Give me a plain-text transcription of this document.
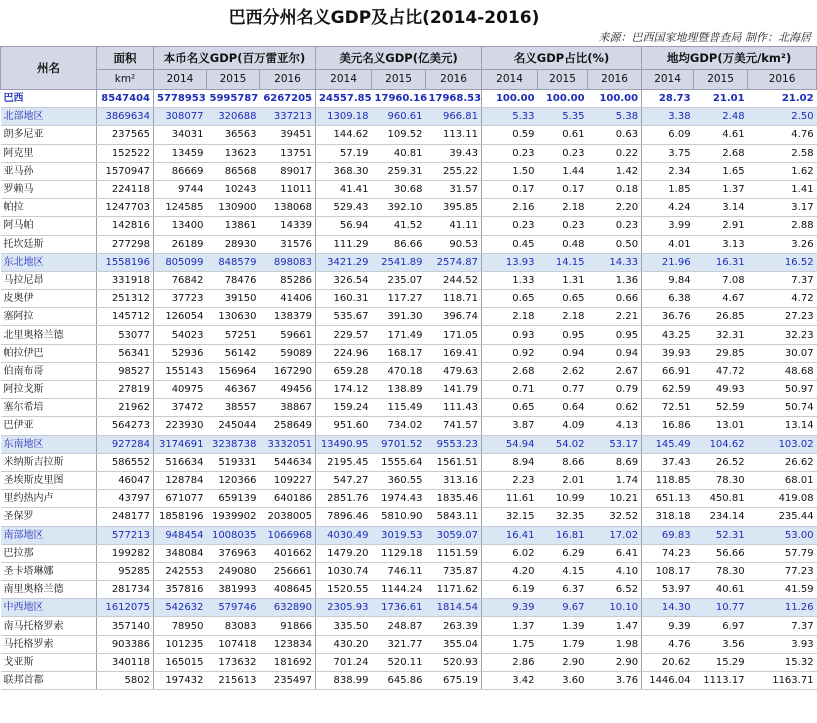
巴西分州名义GDP及占比(2014-2016)
来源：巴西国家地理暨普查局 制作：北海居
州名	面积	本币名义GDP(百万雷亚尔)			美元名义GDP(亿美元)			名义GDP占比(%)			地均GDP(万美元/km²)		
	km²	2014	2015	2016	2014	2015	2016	2014	2015	2016	2014	2015	2016
巴西	8547404	5778953	5995787	6267205	24557.85	17960.16	17968.53	100.00	100.00	100.00	28.73	21.01	21.02
北部地区	3869634	308077	320688	337213	1309.18	960.61	966.81	5.33	5.35	5.38	3.38	2.48	2.50
朗多尼亚	237565	34031	36563	39451	144.62	109.52	113.11	0.59	0.61	0.63	6.09	4.61	4.76
阿克里	152522	13459	13623	13751	57.19	40.81	39.43	0.23	0.23	0.22	3.75	2.68	2.58
亚马孙	1570947	86669	86568	89017	368.30	259.31	255.22	1.50	1.44	1.42	2.34	1.65	1.62
罗赖马	224118	9744	10243	11011	41.41	30.68	31.57	0.17	0.17	0.18	1.85	1.37	1.41
帕拉	1247703	124585	130900	138068	529.43	392.10	395.85	2.16	2.18	2.20	4.24	3.14	3.17
阿马帕	142816	13400	13861	14339	56.94	41.52	41.11	0.23	0.23	0.23	3.99	2.91	2.88
托坎廷斯	277298	26189	28930	31576	111.29	86.66	90.53	0.45	0.48	0.50	4.01	3.13	3.26
东北地区	1558196	805099	848579	898083	3421.29	2541.89	2574.87	13.93	14.15	14.33	21.96	16.31	16.52
马拉尼昂	331918	76842	78476	85286	326.54	235.07	244.52	1.33	1.31	1.36	9.84	7.08	7.37
皮奥伊	251312	37723	39150	41406	160.31	117.27	118.71	0.65	0.65	0.66	6.38	4.67	4.72
塞阿拉	145712	126054	130630	138379	535.67	391.30	396.74	2.18	2.18	2.21	36.76	26.85	27.23
北里奥格兰德	53077	54023	57251	59661	229.57	171.49	171.05	0.93	0.95	0.95	43.25	32.31	32.23
帕拉伊巴	56341	52936	56142	59089	224.96	168.17	169.41	0.92	0.94	0.94	39.93	29.85	30.07
伯南布哥	98527	155143	156964	167290	659.28	470.18	479.63	2.68	2.62	2.67	66.91	47.72	48.68
阿拉戈斯	27819	40975	46367	49456	174.12	138.89	141.79	0.71	0.77	0.79	62.59	49.93	50.97
塞尔希培	21962	37472	38557	38867	159.24	115.49	111.43	0.65	0.64	0.62	72.51	52.59	50.74
巴伊亚	564273	223930	245044	258649	951.60	734.02	741.57	3.87	4.09	4.13	16.86	13.01	13.14
东南地区	927284	3174691	3238738	3332051	13490.95	9701.52	9553.23	54.94	54.02	53.17	145.49	104.62	103.02
米纳斯吉拉斯	586552	516634	519331	544634	2195.45	1555.64	1561.51	8.94	8.66	8.69	37.43	26.52	26.62
圣埃斯皮里图	46047	128784	120366	109227	547.27	360.55	313.16	2.23	2.01	1.74	118.85	78.30	68.01
里约热内卢	43797	671077	659139	640186	2851.76	1974.43	1835.46	11.61	10.99	10.21	651.13	450.81	419.08
圣保罗	248177	1858196	1939902	2038005	7896.46	5810.90	5843.11	32.15	32.35	32.52	318.18	234.14	235.44
南部地区	577213	948454	1008035	1066968	4030.49	3019.53	3059.07	16.41	16.81	17.02	69.83	52.31	53.00
巴拉那	199282	348084	376963	401662	1479.20	1129.18	1151.59	6.02	6.29	6.41	74.23	56.66	57.79
圣卡塔琳娜	95285	242553	249080	256661	1030.74	746.11	735.87	4.20	4.15	4.10	108.17	78.30	77.23
南里奥格兰德	281734	357816	381993	408645	1520.55	1144.24	1171.62	6.19	6.37	6.52	53.97	40.61	41.59
中西地区	1612075	542632	579746	632890	2305.93	1736.61	1814.54	9.39	9.67	10.10	14.30	10.77	11.26
南马托格罗索	357140	78950	83083	91866	335.50	248.87	263.39	1.37	1.39	1.47	9.39	6.97	7.37
马托格罗索	903386	101235	107418	123834	430.20	321.77	355.04	1.75	1.79	1.98	4.76	3.56	3.93
戈亚斯	340118	165015	173632	181692	701.24	520.11	520.93	2.86	2.90	2.90	20.62	15.29	15.32
联邦首都	5802	197432	215613	235497	838.99	645.86	675.19	3.42	3.60	3.76	1446.04	1113.17	1163.71
